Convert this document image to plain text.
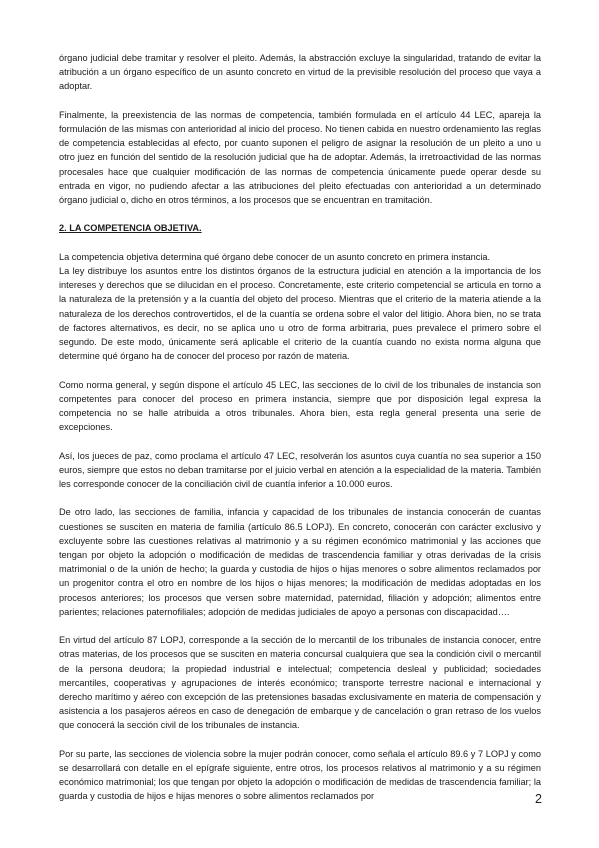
órgano judicial debe tramitar y resolver el pleito. Además, la abstracción excluye la singularidad, tratando de evitar la atribución a un órgano específico de un asunto concreto en virtud de la previsible resolución del proceso que vaya a adoptar.

Finalmente, la preexistencia de las normas de competencia, también formulada en el artículo 44 LEC, apareja la formulación de las mismas con anterioridad al inicio del proceso. No tienen cabida en nuestro ordenamiento las reglas de competencia establecidas al efecto, por cuanto suponen el peligro de asignar la resolución de un pleito a uno u otro juez en función del sentido de la resolución judicial que ha de adoptar. Además, la irretroactividad de las normas procesales hace que cualquier modificación de las normas de competencia únicamente puede operar desde su entrada en vigor, no pudiendo afectar a las atribuciones del pleito efectuadas con anterioridad a un determinado órgano judicial o, dicho en otros términos, a los procesos que se encuentran en tramitación.

2. LA COMPETENCIA OBJETIVA.

La competencia objetiva determina qué órgano debe conocer de un asunto concreto en primera instancia.

La ley distribuye los asuntos entre los distintos órganos de la estructura judicial en atención a la importancia de los intereses y derechos que se dilucidan en el proceso. Concretamente, este criterio competencial se articula en torno a la naturaleza de la pretensión y a la cuantía del objeto del proceso. Mientras que el criterio de la materia atiende a la naturaleza de los derechos controvertidos, el de la cuantía se ordena sobre el valor del litigio. Ahora bien, no se trata de factores alternativos, es decir, no se aplica uno u otro de forma arbitraria, pues prevalece el primero sobre el segundo. De este modo, únicamente será aplicable el criterio de la cuantía cuando no exista norma alguna que determine qué órgano ha de conocer del proceso por razón de materia.

Como norma general, y según dispone el artículo 45 LEC, las secciones de lo civil de los tribunales de instancia son competentes para conocer del proceso en primera instancia, siempre que por disposición legal expresa la competencia no se halle atribuida a otros tribunales. Ahora bien, esta regla general presenta una serie de excepciones.

Así, los jueces de paz, como proclama el artículo 47 LEC, resolverán los asuntos cuya cuantía no sea superior a 150 euros, siempre que estos no deban tramitarse por el juicio verbal en atención a la especialidad de la materia. También les corresponde conocer de la conciliación civil de cuantía inferior a 10.000 euros.

De otro lado, las secciones de familia, infancia y capacidad de los tribunales de instancia conocerán de cuantas cuestiones se susciten en materia de familia (artículo 86.5 LOPJ). En concreto, conocerán con carácter exclusivo y excluyente sobre las cuestiones relativas al matrimonio y a su régimen económico matrimonial y las acciones que tengan por objeto la adopción o modificación de medidas de trascendencia familiar y otras derivadas de la crisis matrimonial o de la unión de hecho; la guarda y custodia de hijos o hijas menores o sobre alimentos reclamados por un progenitor contra el otro en nombre de los hijos o hijas menores; la modificación de medidas adoptadas en los procesos anteriores; los procesos que versen sobre maternidad, paternidad, filiación y adopción; alimentos entre parientes; relaciones paternofiliales; adopción de medidas judiciales de apoyo a personas con discapacidad….

En virtud del artículo 87 LOPJ, corresponde a la sección de lo mercantil de los tribunales de instancia conocer, entre otras materias, de los procesos que se susciten en materia concursal cualquiera que sea la condición civil o mercantil de la persona deudora; la propiedad industrial e intelectual; competencia desleal y publicidad; sociedades mercantiles, cooperativas y agrupaciones de interés económico; transporte terrestre nacional e internacional y derecho marítimo y aéreo con excepción de las pretensiones basadas exclusivamente en materia de compensación y asistencia a los pasajeros aéreos en caso de denegación de embarque y de cancelación o gran retraso de los vuelos que conocerá la sección civil de los tribunales de instancia.

Por su parte, las secciones de violencia sobre la mujer podrán conocer, como señala el artículo 89.6 y 7 LOPJ y como se desarrollará con detalle en el epígrafe siguiente, entre otros, los procesos relativos al matrimonio y a su régimen económico matrimonial; los que tengan por objeto la adopción o modificación de medidas de trascendencia familiar; la guarda y custodia de hijos e hijas menores o sobre alimentos reclamados por	2
